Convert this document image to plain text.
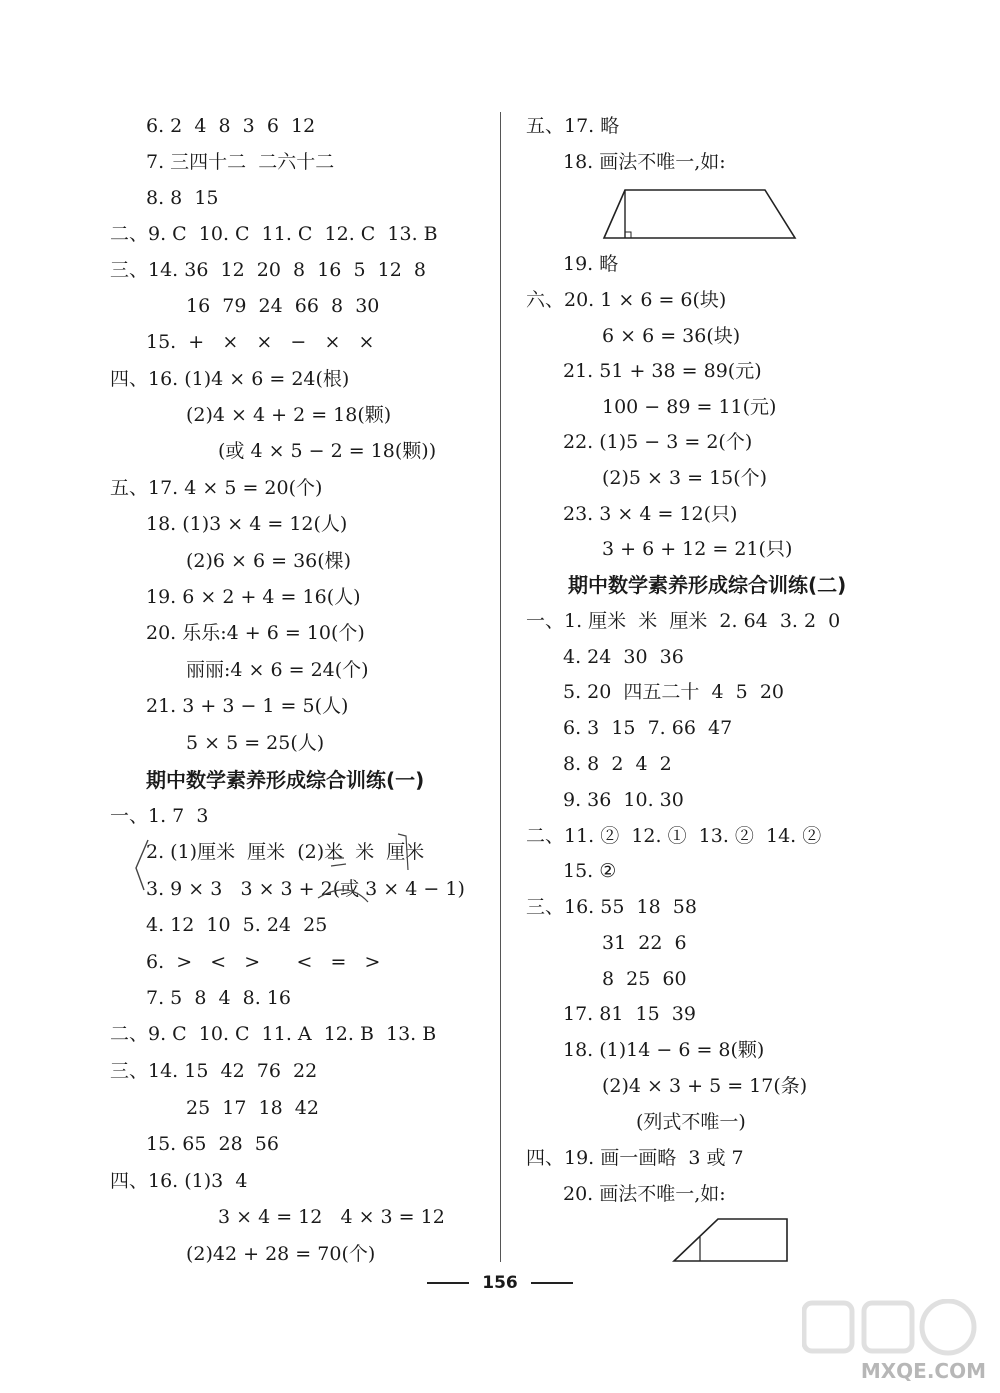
6. 2  4  8  3  6  12
7. 三四十二  二六十二
8. 8  15
二、9. C  10. C  11. C  12. C  13. B
三、14. 36  12  20  8  16  5  12  8
16  79  24  66  8  30
15.  +   ×   ×   −   ×   ×
四、16. (1)4 × 6 = 24(根)
(2)4 × 4 + 2 = 18(颗)
(或 4 × 5 − 2 = 18(颗))
五、17. 4 × 5 = 20(个)
18. (1)3 × 4 = 12(人)
(2)6 × 6 = 36(棵)
19. 6 × 2 + 4 = 16(人)
20. 乐乐:4 + 6 = 10(个)
丽丽:4 × 6 = 24(个)
21. 3 + 3 − 1 = 5(人)
5 × 5 = 25(人)
期中数学素养形成综合训练(一)
一、1. 7  3
2. (1)厘米  厘米  (2)米  米  厘米
3. 9 × 3   3 × 3 + 2(或 3 × 4 − 1)
4. 12  10  5. 24  25
6.  >   <   >      <   =   >
7. 5  8  4  8. 16
二、9. C  10. C  11. A  12. B  13. B
三、14. 15  42  76  22
25  17  18  42
15. 65  28  56
四、16. (1)3  4
3 × 4 = 12   4 × 3 = 12
(2)42 + 28 = 70(个)
五、17. 略
18. 画法不唯一,如:
19. 略
六、20. 1 × 6 = 6(块)
6 × 6 = 36(块)
21. 51 + 38 = 89(元)
100 − 89 = 11(元)
22. (1)5 − 3 = 2(个)
(2)5 × 3 = 15(个)
23. 3 × 4 = 12(只)
3 + 6 + 12 = 21(只)
期中数学素养形成综合训练(二)
一、1. 厘米  米  厘米  2. 64  3. 2  0
4. 24  30  36
5. 20  四五二十  4  5  20
6. 3  15  7. 66  47
8. 8  2  4  2
9. 36  10. 30
二、11. ②  12. ①  13. ②  14. ②
15. ②
三、16. 55  18  58
31  22  6
8  25  60
17. 81  15  39
18. (1)14 − 6 = 8(颗)
(2)4 × 3 + 5 = 17(条)
(列式不唯一)
四、19. 画一画略  3 或 7
20. 画法不唯一,如:
156
MXQE.COM
